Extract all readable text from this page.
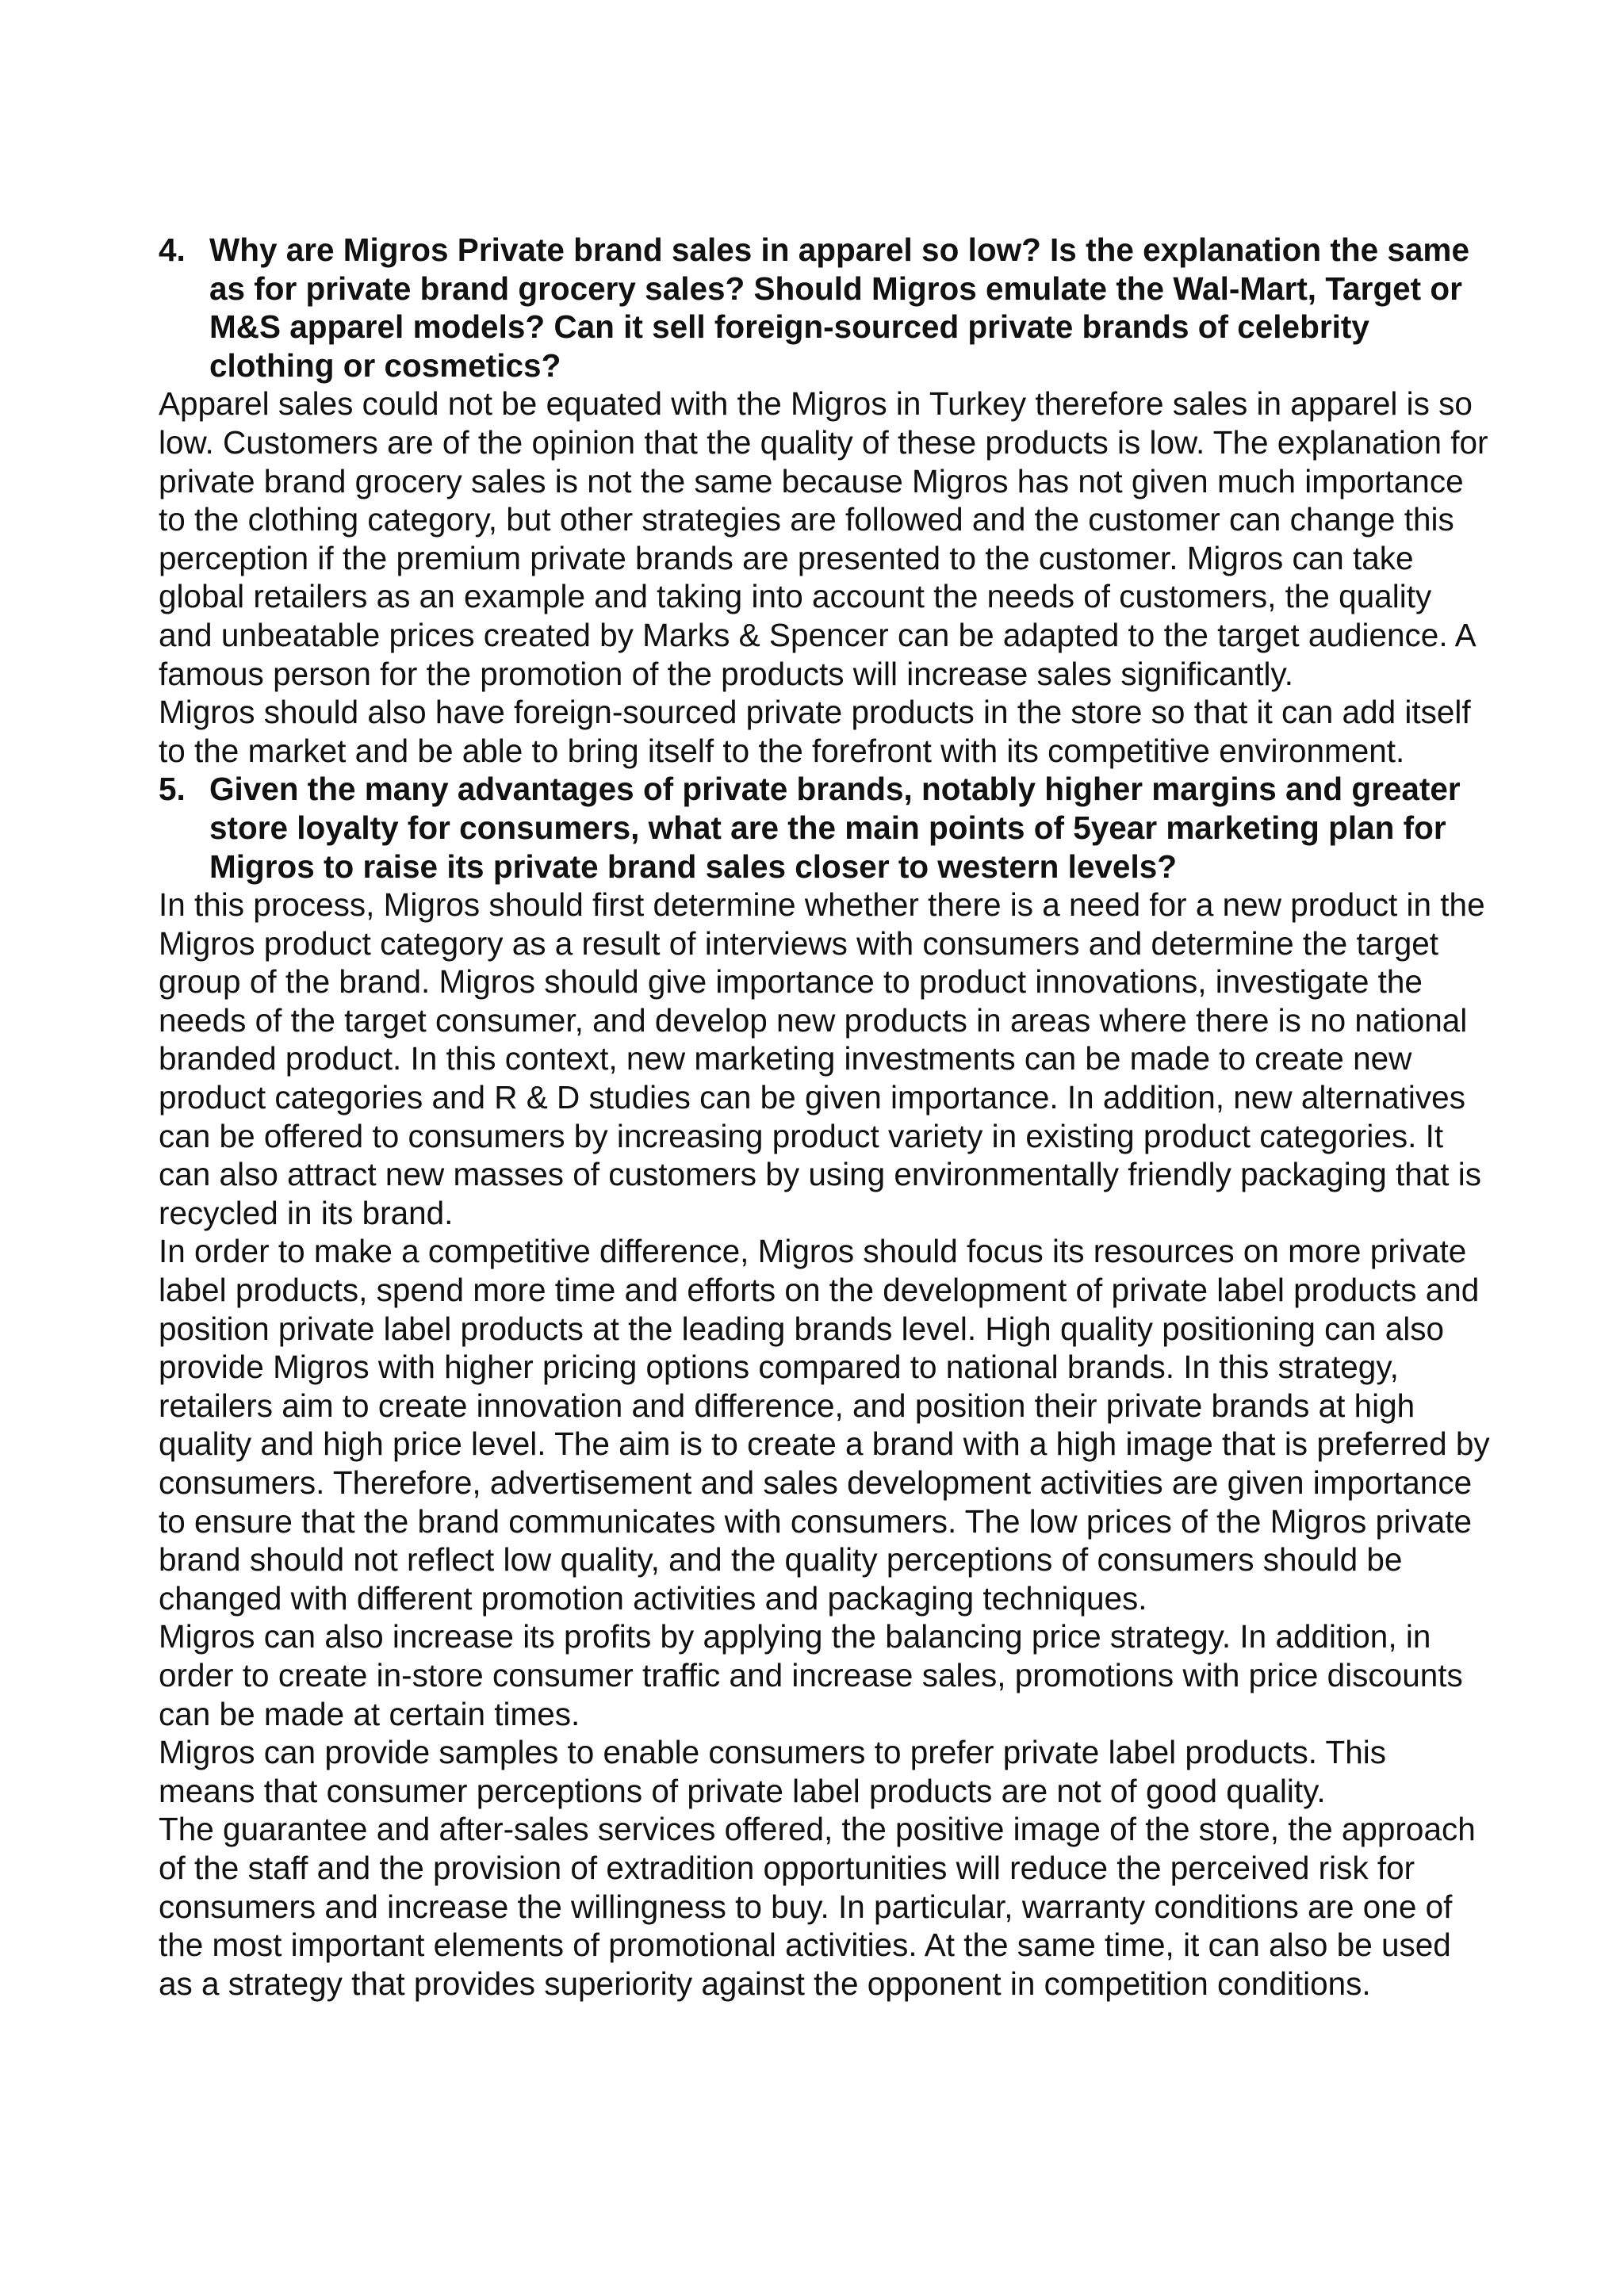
4. Why are Migros Private brand sales in apparel so low? Is the explanation the same as for private brand grocery sales? Should Migros emulate the Wal-Mart, Target or M&S apparel models? Can it sell foreign-sourced private brands of celebrity clothing or cosmetics?

Apparel sales could not be equated with the Migros in Turkey therefore sales in apparel is so low. Customers are of the opinion that the quality of these products is low. The explanation for private brand grocery sales is not the same because Migros has not given much importance to the clothing category, but other strategies are followed and the customer can change this perception if the premium private brands are presented to the customer. Migros can take global retailers as an example and taking into account the needs of customers, the quality and unbeatable prices created by Marks & Spencer can be adapted to the target audience. A famous person for the promotion of the products will increase sales significantly.

Migros should also have foreign-sourced private products in the store so that it can add itself to the market and be able to bring itself to the forefront with its competitive environment.

5. Given the many advantages of private brands, notably higher margins and greater store loyalty for consumers, what are the main points of 5year marketing plan for Migros to raise its private brand sales closer to western levels?

In this process, Migros should first determine whether there is a need for a new product in the Migros product category as a result of interviews with consumers and determine the target group of the brand. Migros should give importance to product innovations, investigate the needs of the target consumer, and develop new products in areas where there is no national branded product. In this context, new marketing investments can be made to create new product categories and R & D studies can be given importance. In addition, new alternatives can be offered to consumers by increasing product variety in existing product categories. It can also attract new masses of customers by using environmentally friendly packaging that is recycled in its brand.

In order to make a competitive difference, Migros should focus its resources on more private label products, spend more time and efforts on the development of private label products and position private label products at the leading brands level. High quality positioning can also provide Migros with higher pricing options compared to national brands. In this strategy, retailers aim to create innovation and difference, and position their private brands at high quality and high price level. The aim is to create a brand with a high image that is preferred by consumers. Therefore, advertisement and sales development activities are given importance to ensure that the brand communicates with consumers. The low prices of the Migros private brand should not reflect low quality, and the quality perceptions of consumers should be changed with different promotion activities and packaging techniques.

Migros can also increase its profits by applying the balancing price strategy. In addition, in order to create in-store consumer traffic and increase sales, promotions with price discounts can be made at certain times.

Migros can provide samples to enable consumers to prefer private label products. This means that consumer perceptions of private label products are not of good quality.

The guarantee and after-sales services offered, the positive image of the store, the approach of the staff and the provision of extradition opportunities will reduce the perceived risk for consumers and increase the willingness to buy. In particular, warranty conditions are one of the most important elements of promotional activities. At the same time, it can also be used as a strategy that provides superiority against the opponent in competition conditions.
